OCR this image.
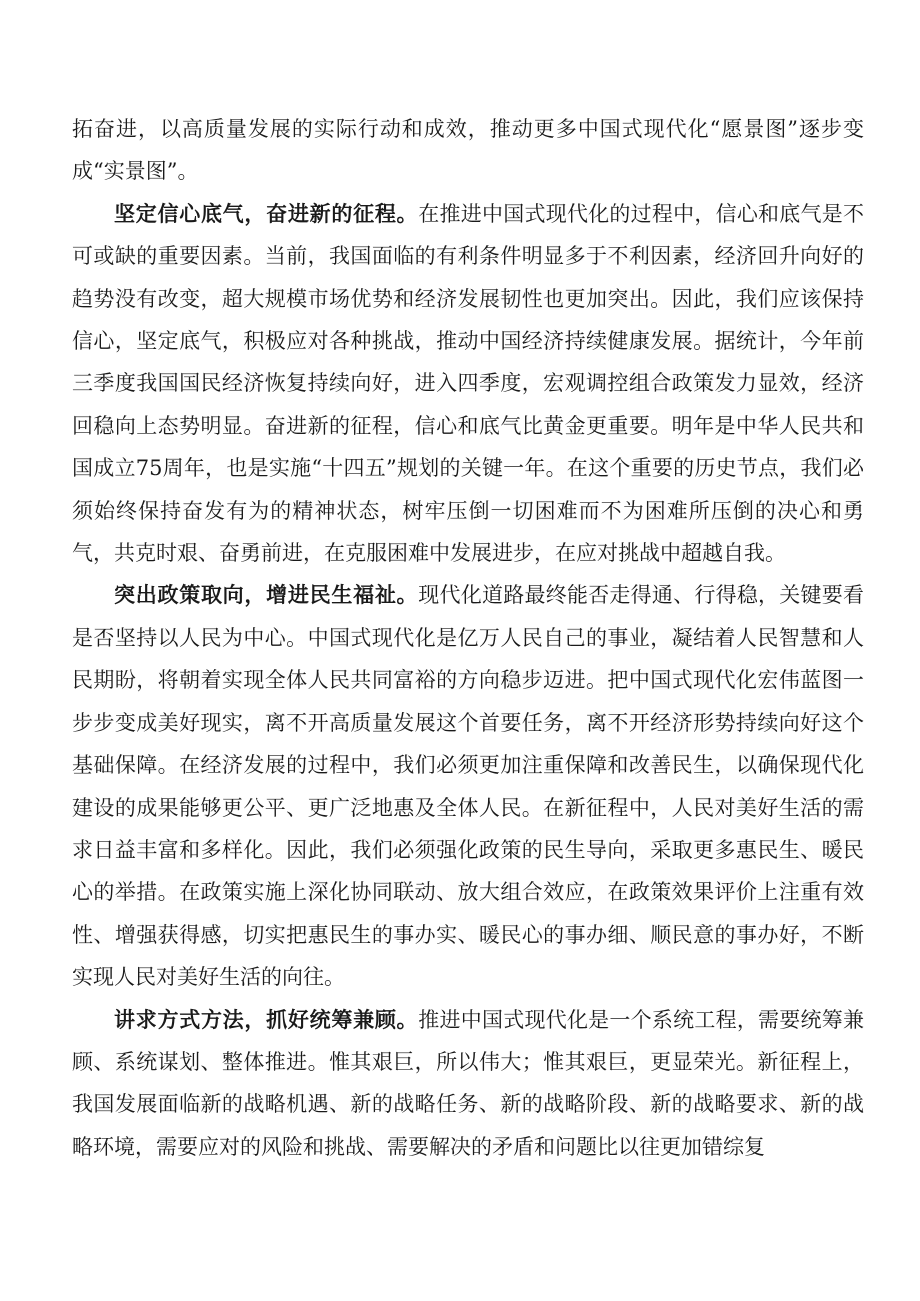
拓奋进，以高质量发展的实际行动和成效，推动更多中国式现代化“愿景图”逐步变成“实景图”。

坚定信心底气，奋进新的征程。在推进中国式现代化的过程中，信心和底气是不可或缺的重要因素。当前，我国面临的有利条件明显多于不利因素，经济回升向好的趋势没有改变，超大规模市场优势和经济发展韧性也更加突出。因此，我们应该保持信心，坚定底气，积极应对各种挑战，推动中国经济持续健康发展。据统计，今年前三季度我国国民经济恢复持续向好，进入四季度，宏观调控组合政策发力显效，经济回稳向上态势明显。奋进新的征程，信心和底气比黄金更重要。明年是中华人民共和国成立75周年，也是实施“十四五”规划的关键一年。在这个重要的历史节点，我们必须始终保持奋发有为的精神状态，树牢压倒一切困难而不为困难所压倒的决心和勇气，共克时艰、奋勇前进，在克服困难中发展进步，在应对挑战中超越自我。

突出政策取向，增进民生福祉。现代化道路最终能否走得通、行得稳，关键要看是否坚持以人民为中心。中国式现代化是亿万人民自己的事业，凝结着人民智慧和人民期盼，将朝着实现全体人民共同富裕的方向稳步迈进。把中国式现代化宏伟蓝图一步步变成美好现实，离不开高质量发展这个首要任务，离不开经济形势持续向好这个基础保障。在经济发展的过程中，我们必须更加注重保障和改善民生，以确保现代化建设的成果能够更公平、更广泛地惠及全体人民。在新征程中，人民对美好生活的需求日益丰富和多样化。因此，我们必须强化政策的民生导向，采取更多惠民生、暖民心的举措。在政策实施上深化协同联动、放大组合效应，在政策效果评价上注重有效性、增强获得感，切实把惠民生的事办实、暖民心的事办细、顺民意的事办好，不断实现人民对美好生活的向往。

讲求方式方法，抓好统筹兼顾。推进中国式现代化是一个系统工程，需要统筹兼顾、系统谋划、整体推进。惟其艰巨，所以伟大；惟其艰巨，更显荣光。新征程上，我国发展面临新的战略机遇、新的战略任务、新的战略阶段、新的战略要求、新的战略环境，需要应对的风险和挑战、需要解决的矛盾和问题比以往更加错综复
